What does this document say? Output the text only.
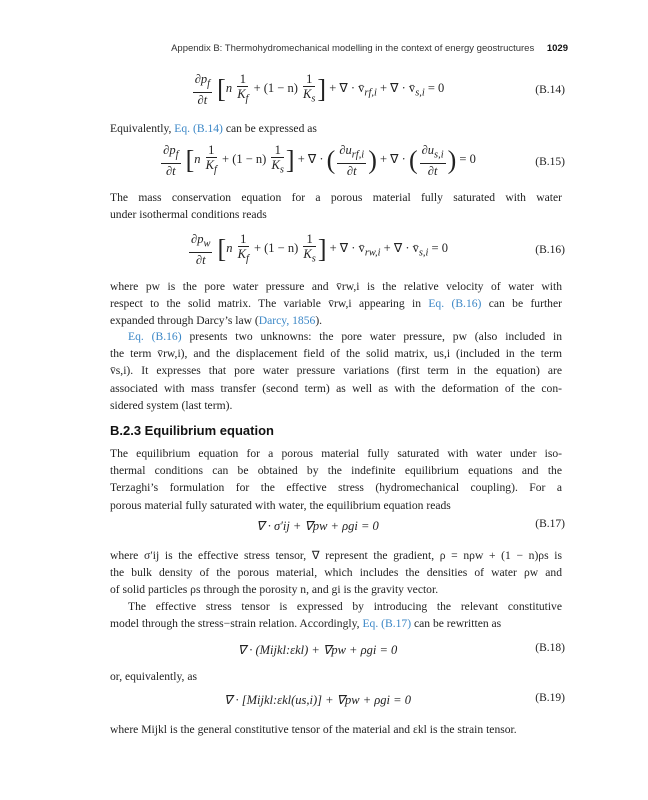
Appendix B: Thermohydromechanical modelling in the context of energy geostructures 1029
$\frac{\partial p_f}{\partial t} [n \frac{1}{K_f} + (1 - n) \frac{1}{K_s}$ ] + ∇ · $v̄_{rf,i}$ + ∇ · $v̄_{s,i} = 0$	(B.14)

Equivalently, Eq. (B.14) can be expressed as

$\frac{\partial p_f}{\partial t} [n \frac{1}{K_f} + (1 - n) \frac{1}{K_s}$ ] + ∇ · ( $\frac{\partial u_{rf,i}}{\partial t}$ ) + ∇ · ( $\frac{\partial u_{s,i}}{\partial t}$ ) = 0	(B.15)

The mass conservation equation for a porous material fully saturated with water
under isothermal conditions reads

$\frac{\partial p_w}{\partial t} [n \frac{1}{K_f} + (1 - n) \frac{1}{K_s}$ ] + ∇ · $v̄_{rw,i}$ + ∇ · $v̄_{s,i} = 0$	(B.16)

where pw is the pore water pressure and v̄rw,i is the relative velocity of water with
respect to the solid matrix. The variable v̄rw,i appearing in Eq. (B.16) can be further
expanded through Darcy’s law (Darcy, 1856).

Eq. (B.16) presents two unknowns: the pore water pressure, pw (also included in
the term v̄rw,i), and the displacement field of the solid matrix, us,i (included in the term
v̄s,i). It expresses that pore water pressure variations (first term in the equation) are
associated with mass transfer (second term) as well as with the deformation of the con-
sidered system (last term).

B.2.3 Equilibrium equation

The equilibrium equation for a porous material fully saturated with water under iso-
thermal conditions can be obtained by the indefinite equilibrium equations and the
Terzaghi’s formulation for the effective stress (hydromechanical coupling). For a
porous material fully saturated with water, the equilibrium equation reads

∇ · σ′ij + ∇pw + ρgi = 0	(B.17)

where σ′ij is the effective stress tensor, ∇ represent the gradient, ρ = nρw + (1 − n)ρs is
the bulk density of the porous material, which includes the densities of water ρw and
of solid particles ρs through the porosity n, and gi is the gravity vector.

The effective stress tensor is expressed by introducing the relevant constitutive
model through the stress−strain relation. Accordingly, Eq. (B.17) can be rewritten as

∇ · (Mijkl:εkl) + ∇pw + ρgi = 0	(B.18)

or, equivalently, as

∇ · [Mijkl:εkl(us,i)] + ∇pw + ρgi = 0	(B.19)

where Mijkl is the general constitutive tensor of the material and εkl is the strain tensor.
